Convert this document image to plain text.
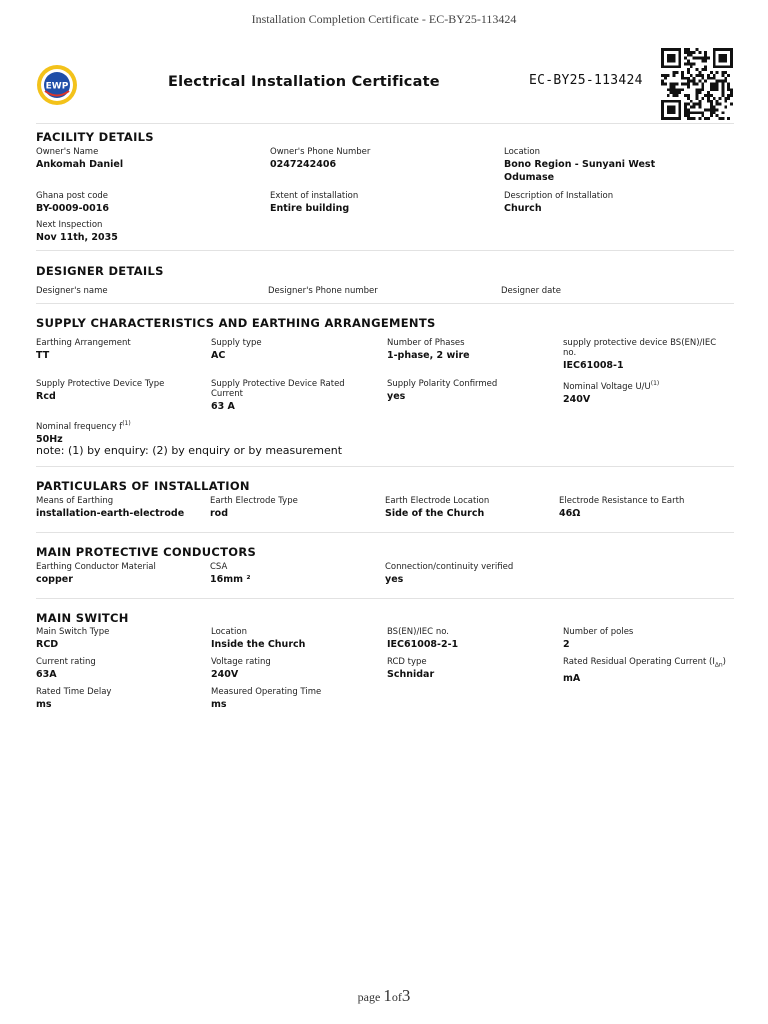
Installation Completion Certificate - EC-BY25-113424
EWP	Electrical Installation Certificate	EC-BY25-113424
FACILITY DETAILS
Owner's Name
Ankomah Daniel
Owner's Phone Number
0247242406
Location
Bono Region - Sunyani West
Odumase
Ghana post code
BY-0009-0016
Extent of installation
Entire building
Description of Installation
Church
Next Inspection
Nov 11th, 2035
DESIGNER DETAILS
Designer's name	Designer's Phone number	Designer date
SUPPLY CHARACTERISTICS AND EARTHING ARRANGEMENTS
Earthing Arrangement
TT
Supply type
AC
Number of Phases
1-phase, 2 wire
supply protective device BS(EN)/IEC
no.
IEC61008-1
Supply Protective Device Type
Rcd
Supply Protective Device Rated
Current
63 A
Supply Polarity Confirmed
yes
Nominal Voltage $U/U^{(1)}$
240V
Nominal frequency $f^{(1)}$
50Hz
note: (1) by enquiry: (2) by enquiry or by measurement
PARTICULARS OF INSTALLATION
Means of Earthing
installation-earth-electrode
Earth Electrode Type
rod
Earth Electrode Location
Side of the Church
Electrode Resistance to Earth
46Ω
MAIN PROTECTIVE CONDUCTORS
Earthing Conductor Material
copper
CSA
16mm ²
Connection/continuity verified
yes
MAIN SWITCH
Main Switch Type
RCD
Location
Inside the Church
BS(EN)/IEC no.
IEC61008-2-1
Number of poles
2
Current rating
63A
Voltage rating
240V
RCD type
Schnidar
Rated Residual Operating Current $(I_{\Delta n})$
mA
Rated Time Delay
ms
Measured Operating Time
ms
page 1of3
